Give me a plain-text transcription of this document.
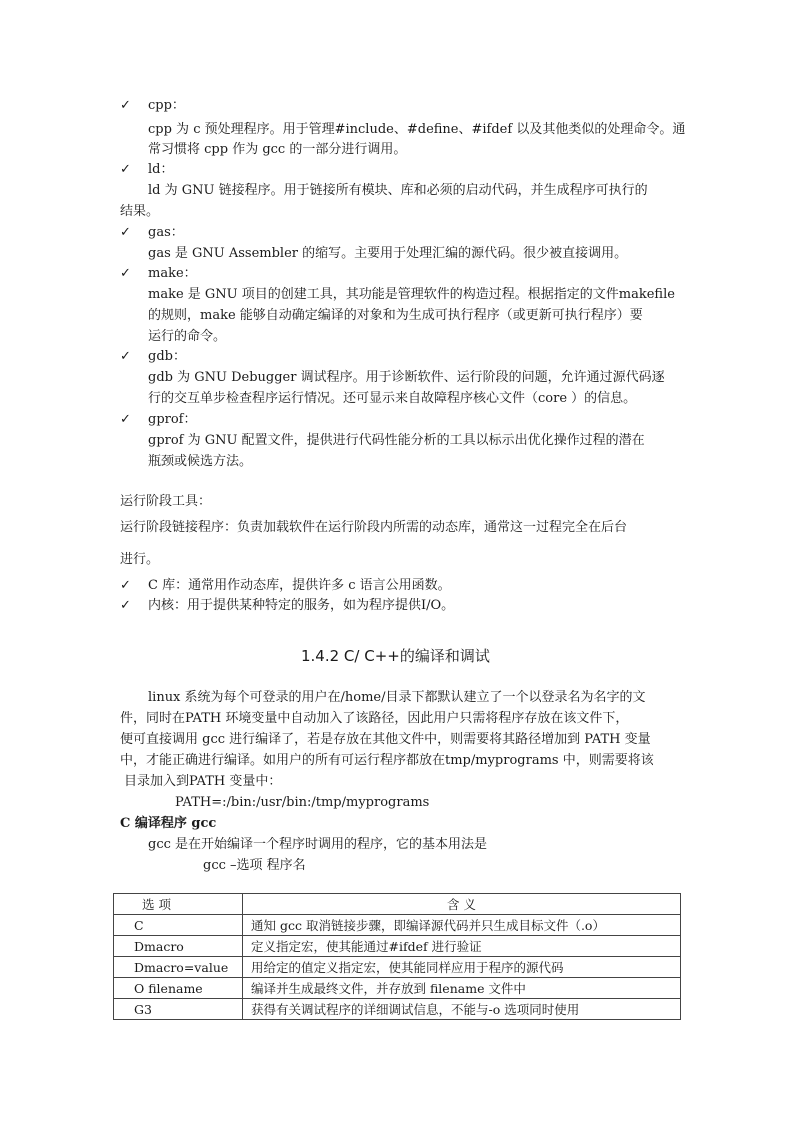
✓ cpp：
cpp 为 c 预处理程序。用于管理#include、#define、#ifdef 以及其他类似的处理命令。通
常习惯将 cpp 作为 gcc 的一部分进行调用。
✓ ld：
ld 为 GNU 链接程序。用于链接所有模块、库和必须的启动代码，并生成程序可执行的
结果。
✓ gas：
gas 是 GNU Assembler 的缩写。主要用于处理汇编的源代码。很少被直接调用。
✓ make：
make 是 GNU 项目的创建工具，其功能是管理软件的构造过程。根据指定的文件makefile
的规则，make 能够自动确定编译的对象和为生成可执行程序（或更新可执行程序）要
运行的命令。
✓ gdb：
gdb 为 GNU Debugger 调试程序。用于诊断软件、运行阶段的问题，允许通过源代码逐
行的交互单步检查程序运行情况。还可显示来自故障程序核心文件（core ）的信息。
✓ gprof：
gprof 为 GNU 配置文件，提供进行代码性能分析的工具以标示出优化操作过程的潜在
瓶颈或候选方法。
运行阶段工具：
运行阶段链接程序：负责加载软件在运行阶段内所需的动态库，通常这一过程完全在后台
进行。
✓ C 库：通常用作动态库，提供许多 c 语言公用函数。
✓ 内核：用于提供某种特定的服务，如为程序提供I/O。
1.4.2 C/ C++的编译和调试
linux 系统为每个可登录的用户在/home/目录下都默认建立了一个以登录名为名字的文
件，同时在PATH 环境变量中自动加入了该路径，因此用户只需将程序存放在该文件下，
便可直接调用 gcc 进行编译了，若是存放在其他文件中，则需要将其路径增加到 PATH 变量
中，才能正确进行编译。如用户的所有可运行程序都放在tmp/myprograms 中，则需要将该
目录加入到PATH 变量中：
PATH=:/bin:/usr/bin:/tmp/myprograms
C 编译程序 gcc
gcc 是在开始编译一个程序时调用的程序，它的基本用法是
gcc –选项 程序名
选 项	含 义
C	通知 gcc 取消链接步骤，即编译源代码并只生成目标文件（.o）
Dmacro	定义指定宏，使其能通过#ifdef 进行验证
Dmacro=value	用给定的值定义指定宏，使其能同样应用于程序的源代码
O filename	编译并生成最终文件，并存放到 filename 文件中
G3	获得有关调试程序的详细调试信息，不能与-o 选项同时使用
